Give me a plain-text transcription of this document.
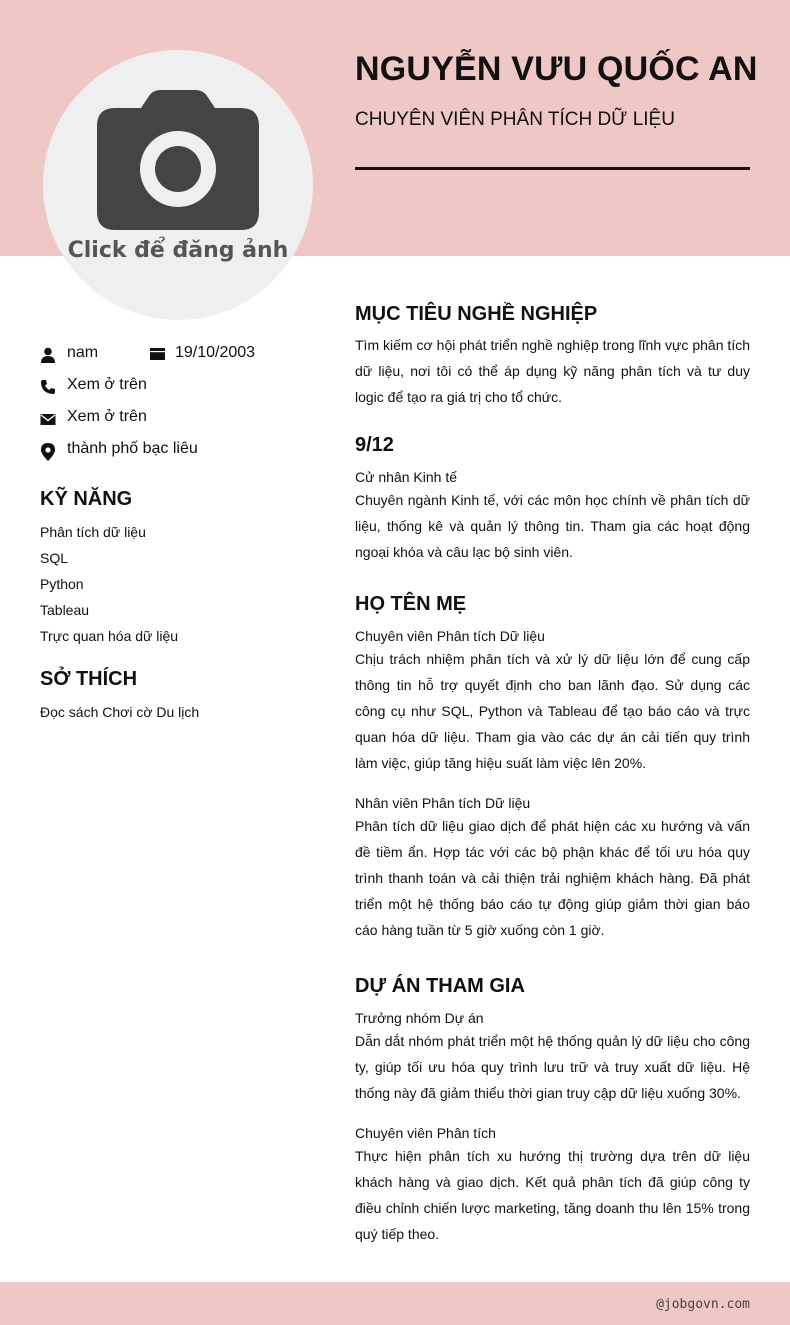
Click để đăng ảnh
NGUYỄN VƯU QUỐC AN
CHUYÊN VIÊN PHÂN TÍCH DỮ LIỆU
nam	19/10/2003
Xem ở trên
Xem ở trên
thành phố bạc liêu
KỸ NĂNG
Phân tích dữ liệu
SQL
Python
Tableau
Trực quan hóa dữ liệu
SỞ THÍCH
Đọc sách Chơi cờ Du lịch
MỤC TIÊU NGHỀ NGHIỆP

Tìm kiếm cơ hội phát triển nghề nghiệp trong lĩnh vực phân tích dữ liệu, nơi tôi có thể áp dụng kỹ năng phân tích và tư duy logic để tạo ra giá trị cho tổ chức.

9/12
Cử nhân Kinh tế

Chuyên ngành Kinh tế, với các môn học chính về phân tích dữ liệu, thống kê và quản lý thông tin. Tham gia các hoạt động ngoại khóa và câu lạc bộ sinh viên.

HỌ TÊN MẸ
Chuyên viên Phân tích Dữ liệu

Chịu trách nhiệm phân tích và xử lý dữ liệu lớn để cung cấp thông tin hỗ trợ quyết định cho ban lãnh đạo. Sử dụng các công cụ như SQL, Python và Tableau để tạo báo cáo và trực quan hóa dữ liệu. Tham gia vào các dự án cải tiến quy trình làm việc, giúp tăng hiệu suất làm việc lên 20%.

Nhân viên Phân tích Dữ liệu

Phân tích dữ liệu giao dịch để phát hiện các xu hướng và vấn đề tiềm ẩn. Hợp tác với các bộ phận khác để tối ưu hóa quy trình thanh toán và cải thiện trải nghiệm khách hàng. Đã phát triển một hệ thống báo cáo tự động giúp giảm thời gian báo cáo hàng tuần từ 5 giờ xuống còn 1 giờ.

DỰ ÁN THAM GIA
Trưởng nhóm Dự án

Dẫn dắt nhóm phát triển một hệ thống quản lý dữ liệu cho công ty, giúp tối ưu hóa quy trình lưu trữ và truy xuất dữ liệu. Hệ thống này đã giảm thiểu thời gian truy cập dữ liệu xuống 30%.

Chuyên viên Phân tích

Thực hiện phân tích xu hướng thị trường dựa trên dữ liệu khách hàng và giao dịch. Kết quả phân tích đã giúp công ty điều chỉnh chiến lược marketing, tăng doanh thu lên 15% trong quý tiếp theo.

@jobgovn.com
